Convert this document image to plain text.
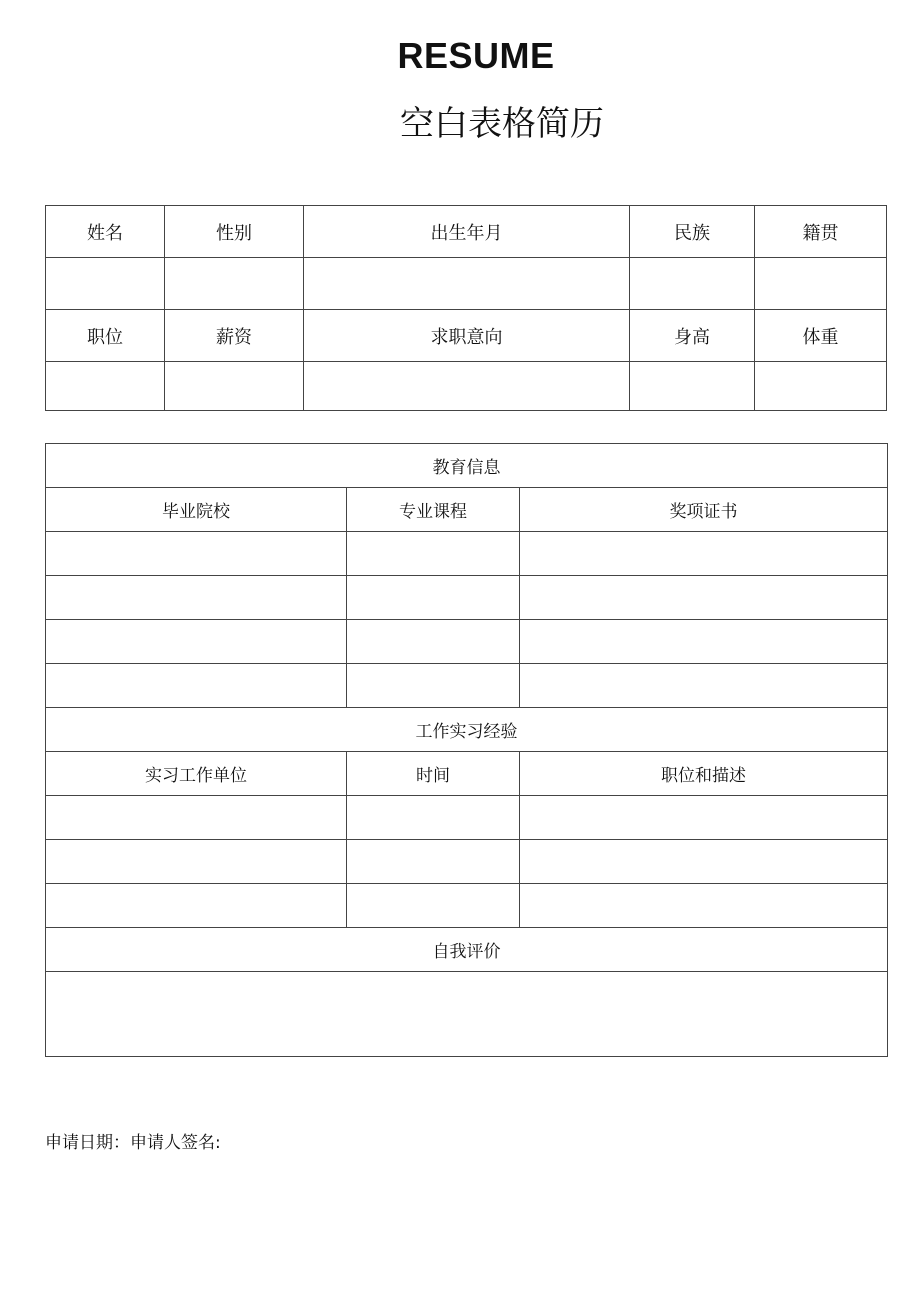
RESUME
空白表格简历
姓名	性别	出生年月	民族	籍贯

职位	薪资	求职意向	身高	体重

教育信息		
毕业院校	专业课程	奖项证书

工作实习经验		
实习工作单位	时间	职位和描述

自我评价		

申请日期：申请人签名:
